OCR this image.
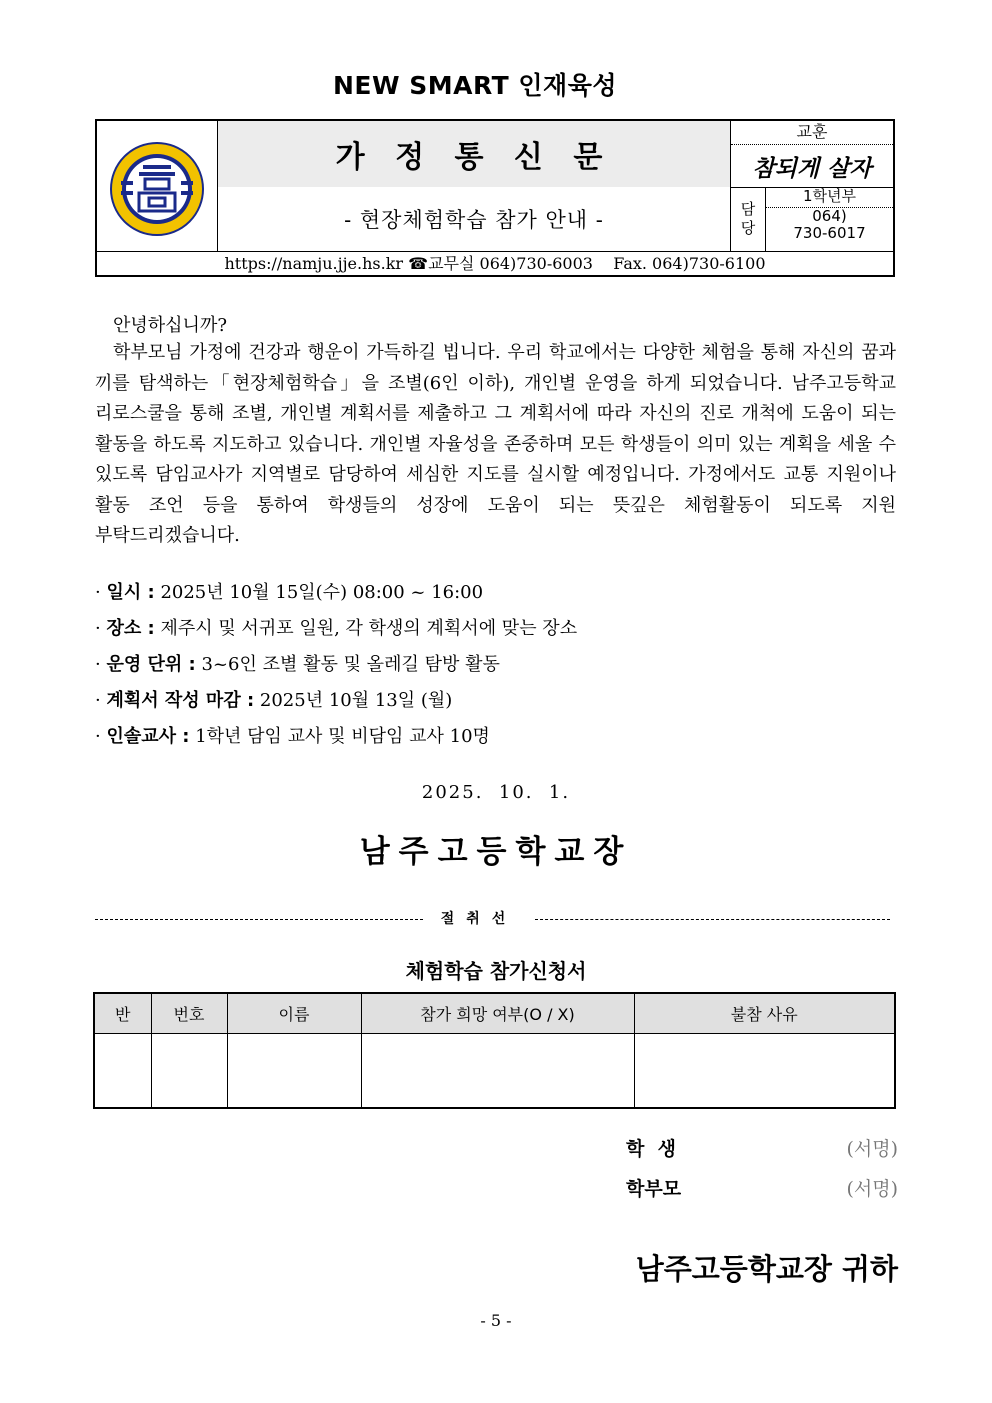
NEW SMART 인재육성
가 정 통 신 문
- 현장체험학습 참가 안내 -
교훈
참되게 살자
담당
1학년부
064)
730-6017
https://namju.jje.hs.kr ☎교무실 064)730-6003    Fax. 064)730-6100
안녕하십니까?
학부모님 가정에 건강과 행운이 가득하길 빕니다. 우리 학교에서는 다양한 체험을 통해 자신의 꿈과 끼를 탐색하는「현장체험학습」을 조별(6인 이하), 개인별 운영을 하게 되었습니다. 남주고등학교 리로스쿨을 통해 조별, 개인별 계획서를 제출하고 그 계획서에 따라 자신의 진로 개척에 도움이 되는 활동을 하도록 지도하고 있습니다. 개인별 자율성을 존중하며 모든 학생들이 의미 있는 계획을 세울 수 있도록 담임교사가 지역별로 담당하여 세심한 지도를 실시할 예정입니다. 가정에서도 교통 지원이나 활동 조언 등을 통하여 학생들의 성장에 도움이 되는 뜻깊은 체험활동이 되도록 지원 부탁드리겠습니다.
· 일시 : 2025년 10월 15일(수) 08:00 ~ 16:00
· 장소 : 제주시 및 서귀포 일원, 각 학생의 계획서에 맞는 장소
· 운영 단위 : 3~6인 조별 활동 및 올레길 탐방 활동
· 계획서 작성 마감 : 2025년 10월 13일 (월)
· 인솔교사 : 1학년 담임 교사 및 비담임 교사 10명
2025.  10.  1.
남주고등학교장
절취선
체험학습 참가신청서
반	번호	이름	참가 희망 여부(O / X)	불참 사유

학  생	(서명)
학부모	(서명)
남주고등학교장 귀하
- 5 -
